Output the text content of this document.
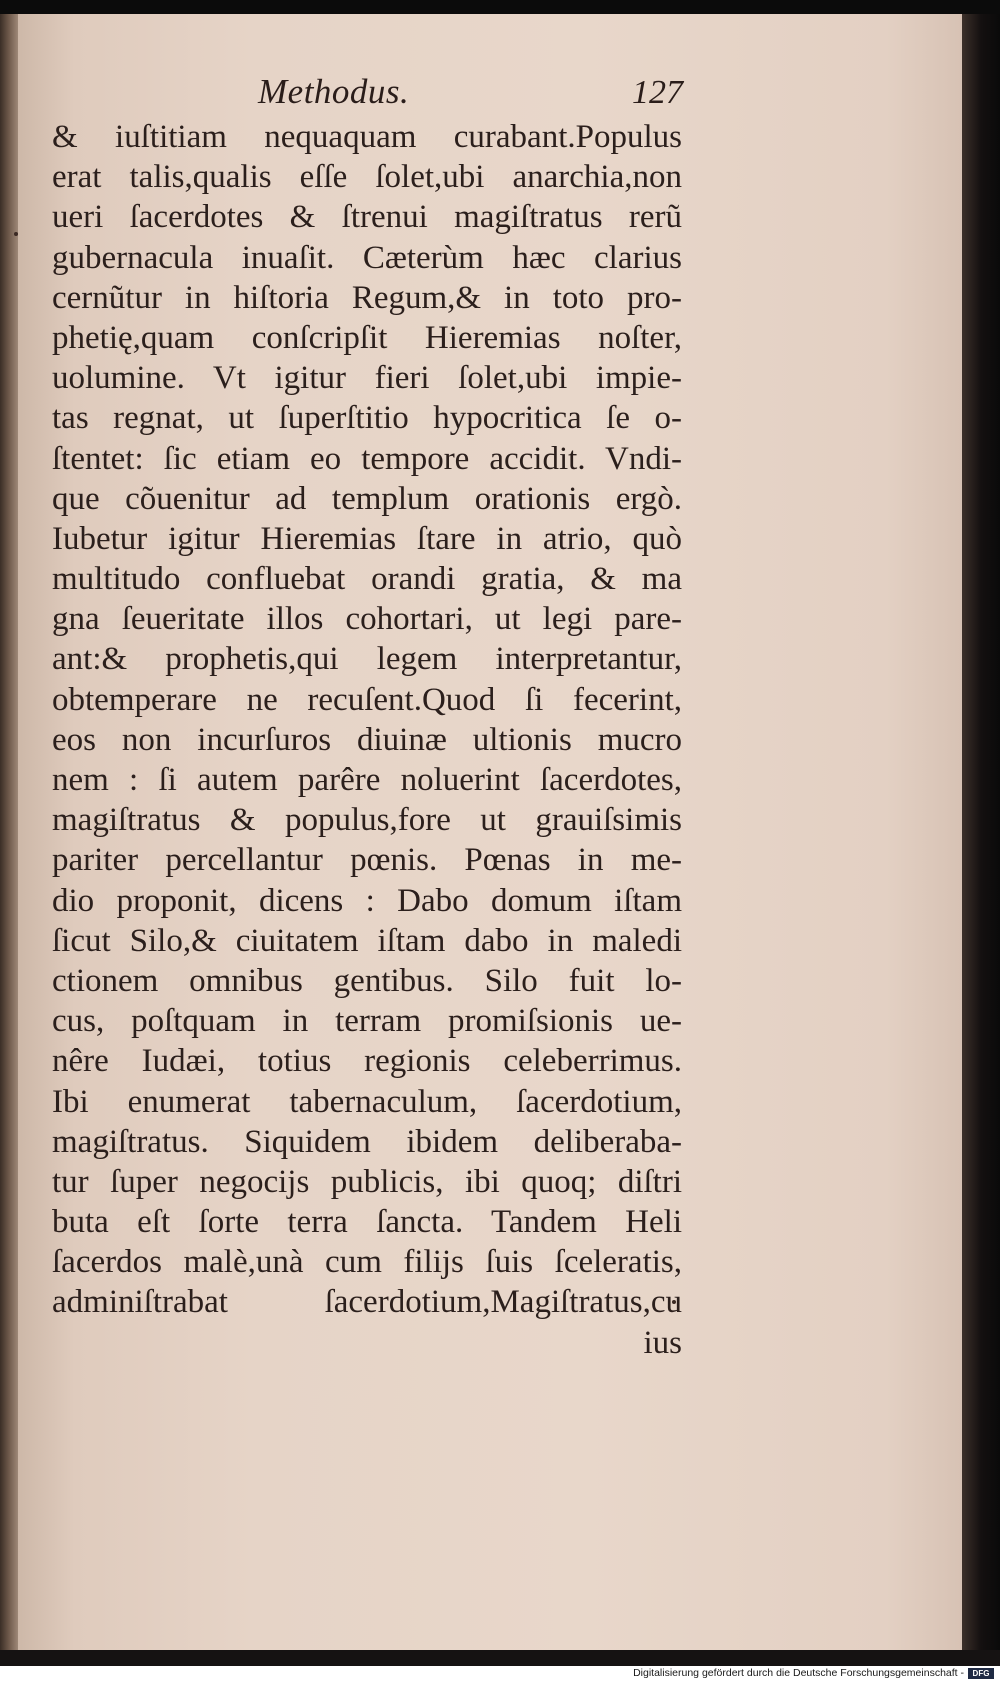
Methodus.	127
& iuſtitiam nequaquam curabant.Populus
erat talis,qualis eſſe ſolet,ubi anarchia,non
ueri ſacerdotes & ſtrenui magiſtratus rerũ
gubernacula inuaſit. Cæterùm hæc clarius
cernũtur in hiſtoria Regum,& in toto pro-
phetię,quam conſcripſit Hieremias noſter,
uolumine. Vt igitur fieri ſolet,ubi impie-
tas regnat, ut ſuperſtitio hypocritica ſe o-
ſtentet: ſic etiam eo tempore accidit. Vndi-
que cõuenitur ad templum orationis ergò.
Iubetur igitur Hieremias ſtare in atrio, quò
multitudo confluebat orandi gratia, & ma
gna ſeueritate illos cohortari, ut legi pare-
ant:& prophetis,qui legem interpretantur,
obtemperare ne recuſent.Quod ſi fecerint,
eos non incurſuros diuinæ ultionis mucro
nem : ſi autem parêre noluerint ſacerdotes,
magiſtratus & populus,fore ut grauiſsimis
pariter percellantur pœnis. Pœnas in me-
dio proponit, dicens : Dabo domum iſtam
ſicut Silo,& ciuitatem iſtam dabo in maledi
ctionem omnibus gentibus. Silo fuit lo-
cus, poſtquam in terram promiſsionis ue-
nêre Iudæi, totius regionis celeberrimus.
Ibi enumerat tabernaculum, ſacerdotium,
magiſtratus. Siquidem ibidem deliberaba-
tur ſuper negocijs publicis, ibi quoq; diſtri
buta eſt ſorte terra ſancta. Tandem Heli
ſacerdos malè,unà cum filijs ſuis ſceleratis,
adminiſtrabat ſacerdotium,Magiſtratus,cu
ius
Digitalisierung gefördert durch die Deutsche Forschungsgemeinschaft -	DFG
